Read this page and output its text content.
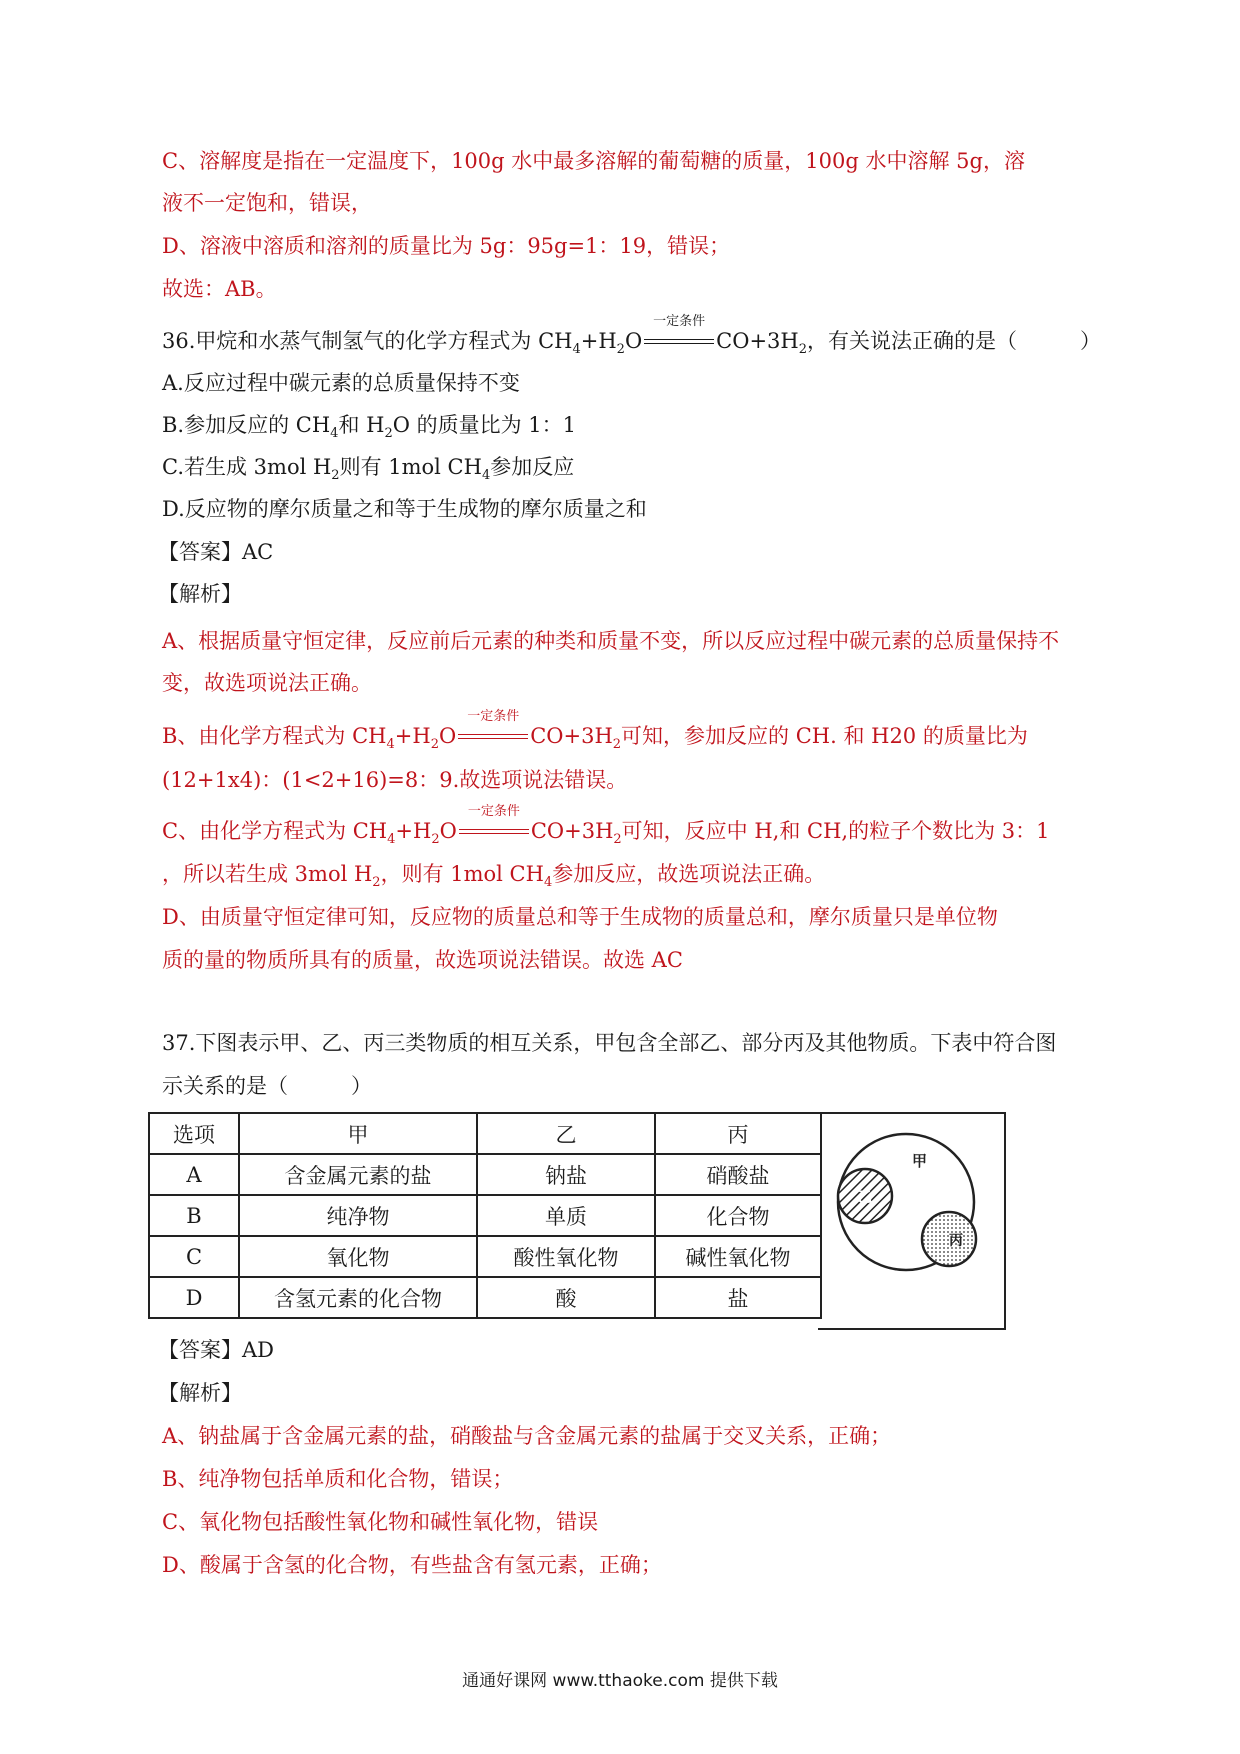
C、溶解度是指在一定温度下，100g 水中最多溶解的葡萄糖的质量，100g 水中溶解 5g，溶
液不一定饱和，错误，
D、溶液中溶质和溶剂的质量比为 5g：95g=1：19，错误；
故选：AB。
36.甲烷和水蒸气制氢气的化学方程式为 $CH_4+H_2O$
一定条件
$CO+3H_2$，有关说法正确的是（　　　）
A.反应过程中碳元素的总质量保持不变
B.参加反应的 $CH_4$和 $H_2O$ 的质量比为 1：1
C.若生成 3mol $H_2$则有 1mol $CH_4$参加反应
D.反应物的摩尔质量之和等于生成物的摩尔质量之和
【答案】AC
【解析】
A、根据质量守恒定律，反应前后元素的种类和质量不变，所以反应过程中碳元素的总质量保持不
变，故选项说法正确。
B、由化学方程式为 $CH_4+H_2O$
一定条件
$CO+3H_2$可知，参加反应的 CH. 和 H20 的质量比为
(12+1x4)：(1<2+16)=8：9.故选项说法错误。
C、由化学方程式为 $CH_4+H_2O$
一定条件
$CO+3H_2$可知，反应中 H,和 CH,的粒子个数比为 3：1
，所以若生成 3mol $H_2$，则有 1mol $CH_4$参加反应，故选项说法正确。
D、由质量守恒定律可知，反应物的质量总和等于生成物的质量总和，摩尔质量只是单位物
质的量的物质所具有的质量，故选项说法错误。故选 AC
37.下图表示甲、乙、丙三类物质的相互关系，甲包含全部乙、部分丙及其他物质。下表中符合图
示关系的是（　　　）
选项	甲	乙	丙
A	含金属元素的盐	钠盐	硝酸盐
B	纯净物	单质	化合物
C	氧化物	酸性氧化物	碱性氧化物
D	含氢元素的化合物	酸	盐
甲
乙
丙
【答案】AD
【解析】
A、钠盐属于含金属元素的盐，硝酸盐与含金属元素的盐属于交叉关系，正确；
B、纯净物包括单质和化合物，错误；
C、氧化物包括酸性氧化物和碱性氧化物，错误
D、酸属于含氢的化合物，有些盐含有氢元素，正确；
通通好课网 www.tthaoke.com 提供下载
